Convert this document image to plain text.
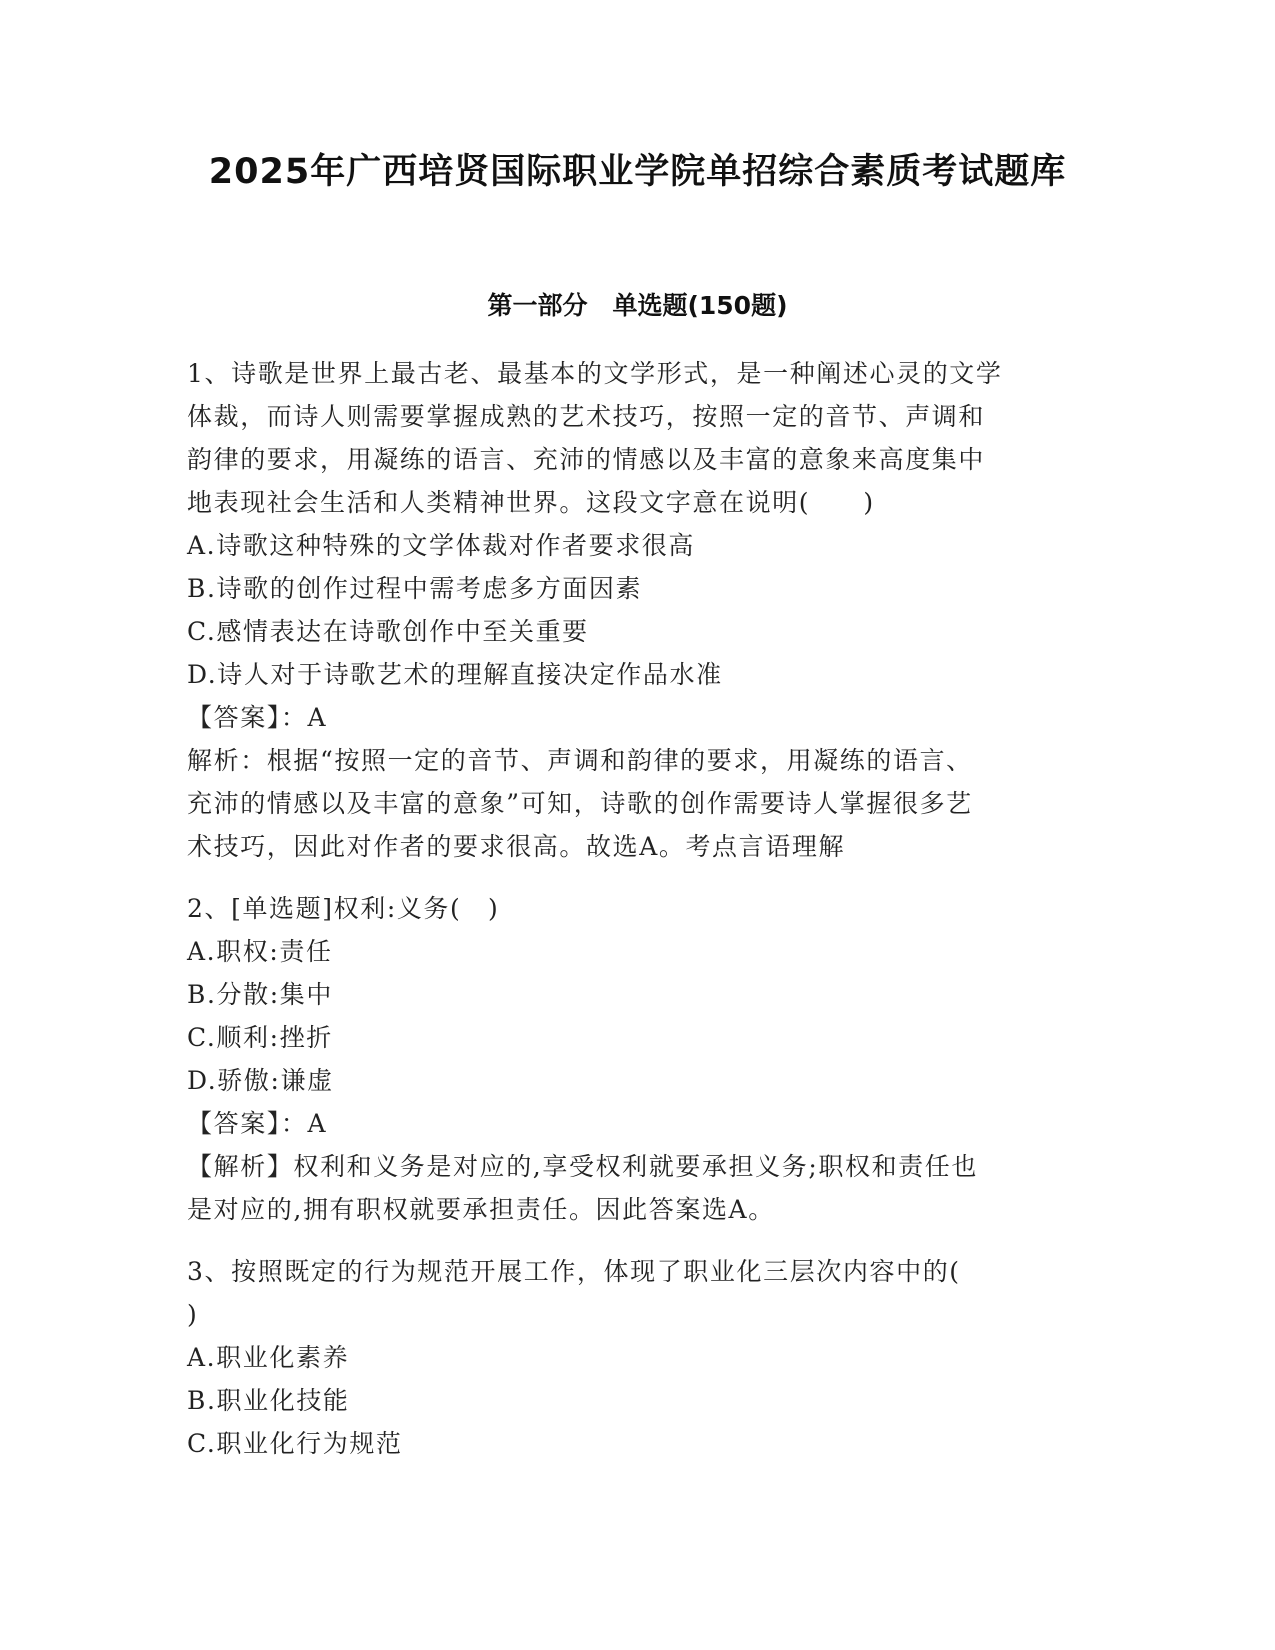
2025年广西培贤国际职业学院单招综合素质考试题库
第一部分　单选题(150题)
1、诗歌是世界上最古老、最基本的文学形式，是一种阐述心灵的文学
体裁，而诗人则需要掌握成熟的艺术技巧，按照一定的音节、声调和
韵律的要求，用凝练的语言、充沛的情感以及丰富的意象来高度集中
地表现社会生活和人类精神世界。这段文字意在说明(　　)
A.诗歌这种特殊的文学体裁对作者要求很高
B.诗歌的创作过程中需考虑多方面因素
C.感情表达在诗歌创作中至关重要
D.诗人对于诗歌艺术的理解直接决定作品水准
【答案】：A
解析：根据“按照一定的音节、声调和韵律的要求，用凝练的语言、
充沛的情感以及丰富的意象”可知，诗歌的创作需要诗人掌握很多艺
术技巧，因此对作者的要求很高。故选A。考点言语理解
2、[单选题]权利:义务(　)
A.职权:责任
B.分散:集中
C.顺利:挫折
D.骄傲:谦虚
【答案】：A
【解析】权利和义务是对应的,享受权利就要承担义务;职权和责任也
是对应的,拥有职权就要承担责任。因此答案选A。
3、按照既定的行为规范开展工作，体现了职业化三层次内容中的(
)
A.职业化素养
B.职业化技能
C.职业化行为规范
